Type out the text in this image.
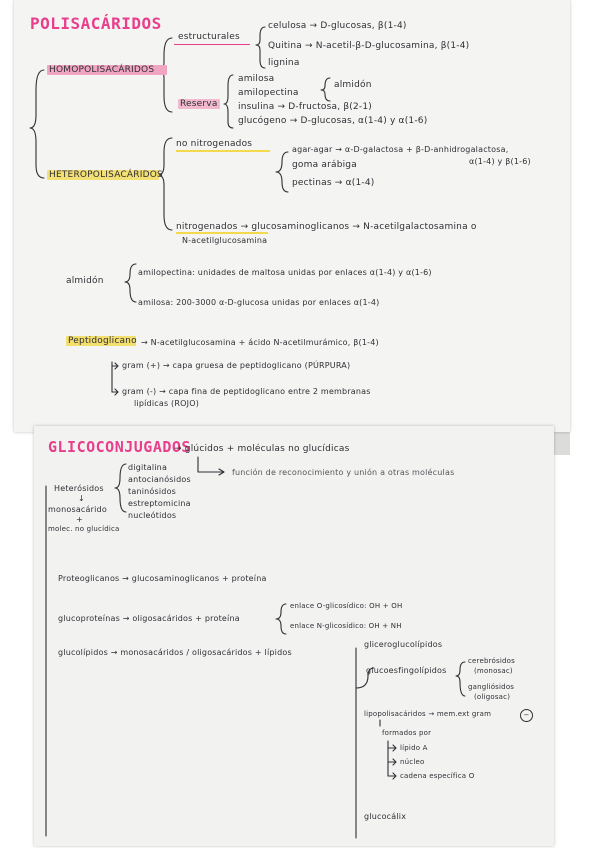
POLISACÁRIDOS
HOMOPOLISACÁRIDOS
estructurales
celulosa → D-glucosas, β(1-4)
Quitina → N-acetil-β-D-glucosamina, β(1-4)
lignina
Reserva
amilosa
amilopectina
insulina → D-fructosa, β(2-1)
glucógeno → D-glucosas, α(1-4) y α(1-6)
almidón
HETEROPOLISACÁRIDOS
no nitrogenados
agar-agar → α-D-galactosa + β-D-anhidrogalactosa,
α(1-4) y β(1-6)
goma arábiga
pectinas → α(1-4)
nitrogenados → glucosaminoglicanos → N-acetilgalactosamina o
N-acetilglucosamina
almidón
amilopectina: unidades de maltosa unidas por enlaces α(1-4) y α(1-6)
amilosa: 200-3000 α-D-glucosa unidas por enlaces α(1-4)
Peptidoglicano → N-acetilglucosamina + ácido N-acetilmurámico, β(1-4)
gram (+) → capa gruesa de peptidoglicano (PÚRPURA)
gram (-) → capa fina de peptidoglicano entre 2 membranas
lipídicas (ROJO)
GLICOCONJUGADOS
→ glúcidos + moléculas no glucídicas
función de reconocimiento y unión a otras moléculas
Heterósidos
↓
monosacárido
+
molec. no glucídica
digitalina
antocianósidos
taninósidos
estreptomicina
nucleótidos
Proteoglicanos → glucosaminoglicanos + proteína
glucoproteínas → oligosacáridos + proteína
enlace O-glicosídico: OH + OH
enlace N-glicosídico: OH + NH
glucolípidos → monosacáridos / oligosacáridos + lípidos
gliceroglucolípidos
glucoesfingolípidos
cerebrósidos
(monosac)
gangliósidos
(oligosac)
lipopolisacáridos → mem.ext gram	−
formados por
lípido A
núcleo
cadena específica O
glucocálix
